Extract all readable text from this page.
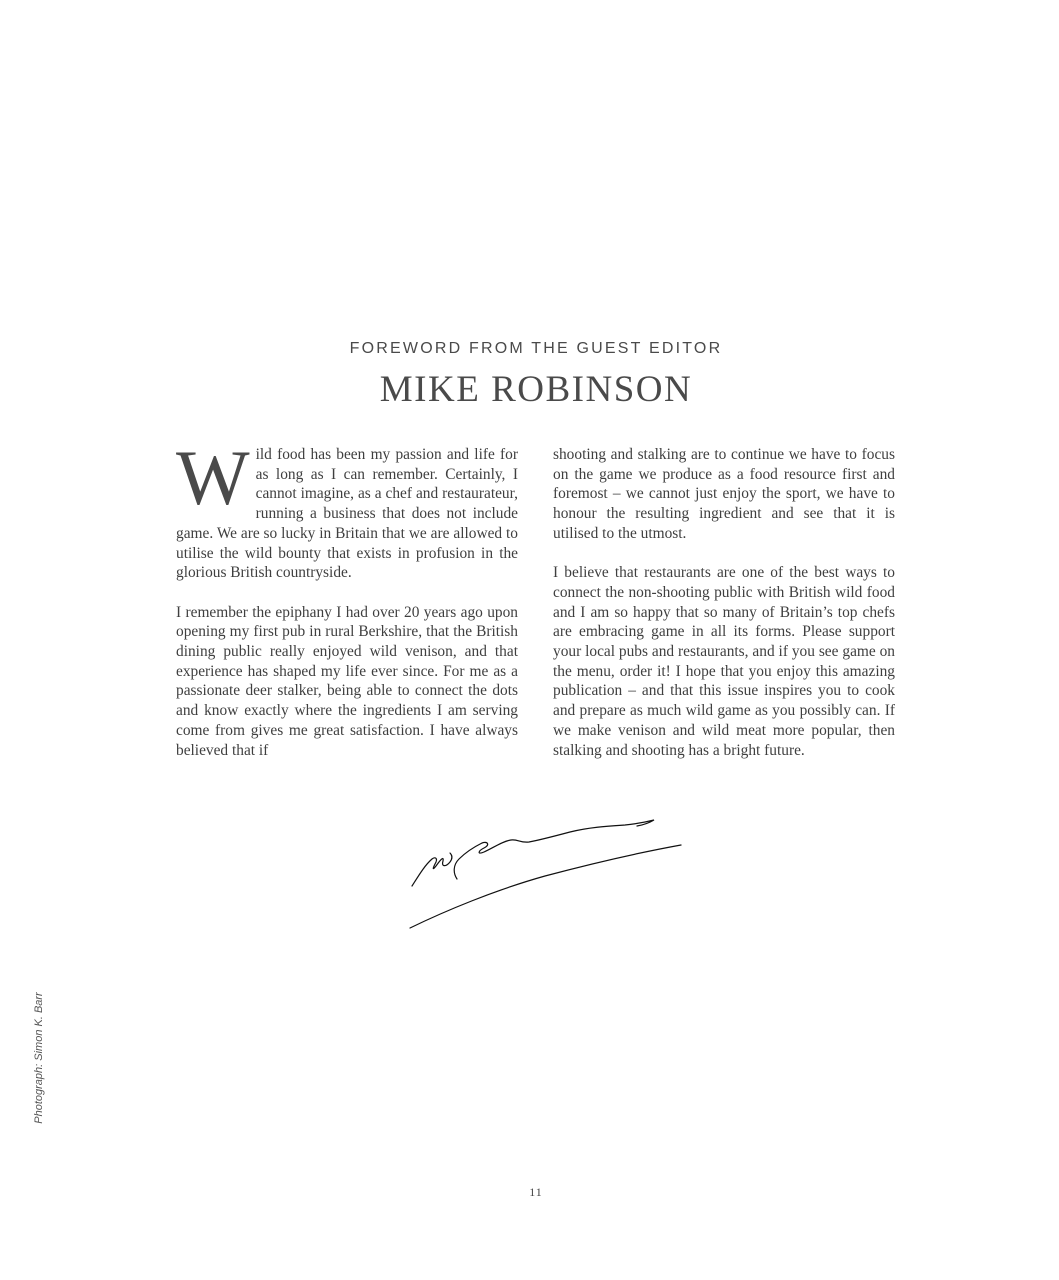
FOREWORD FROM THE GUEST EDITOR
MIKE ROBINSON

Wild food has been my passion and life for as long as I can remember. Certainly, I cannot imagine, as a chef and restaurateur, running a business that does not include game. We are so lucky in Britain that we are allowed to utilise the wild bounty that exists in profusion in the glorious British countryside.

I remember the epiphany I had over 20 years ago upon opening my first pub in rural Berkshire, that the British dining public really enjoyed wild venison, and that experience has shaped my life ever since. For me as a passionate deer stalker, being able to connect the dots and know exactly where the ingredients I am serving come from gives me great satisfaction. I have always believed that if

shooting and stalking are to continue we have to focus on the game we produce as a food resource first and foremost – we cannot just enjoy the sport, we have to honour the resulting ingredient and see that it is utilised to the utmost.

I believe that restaurants are one of the best ways to connect the non-shooting public with British wild food and I am so happy that so many of Britain’s top chefs are embracing game in all its forms. Please support your local pubs and restaurants, and if you see game on the menu, order it! I hope that you enjoy this amazing publication – and that this issue inspires you to cook and prepare as much wild game as you possibly can. If we make venison and wild meat more popular, then stalking and shooting has a bright future.

Photograph: Simon K. Barr
11
